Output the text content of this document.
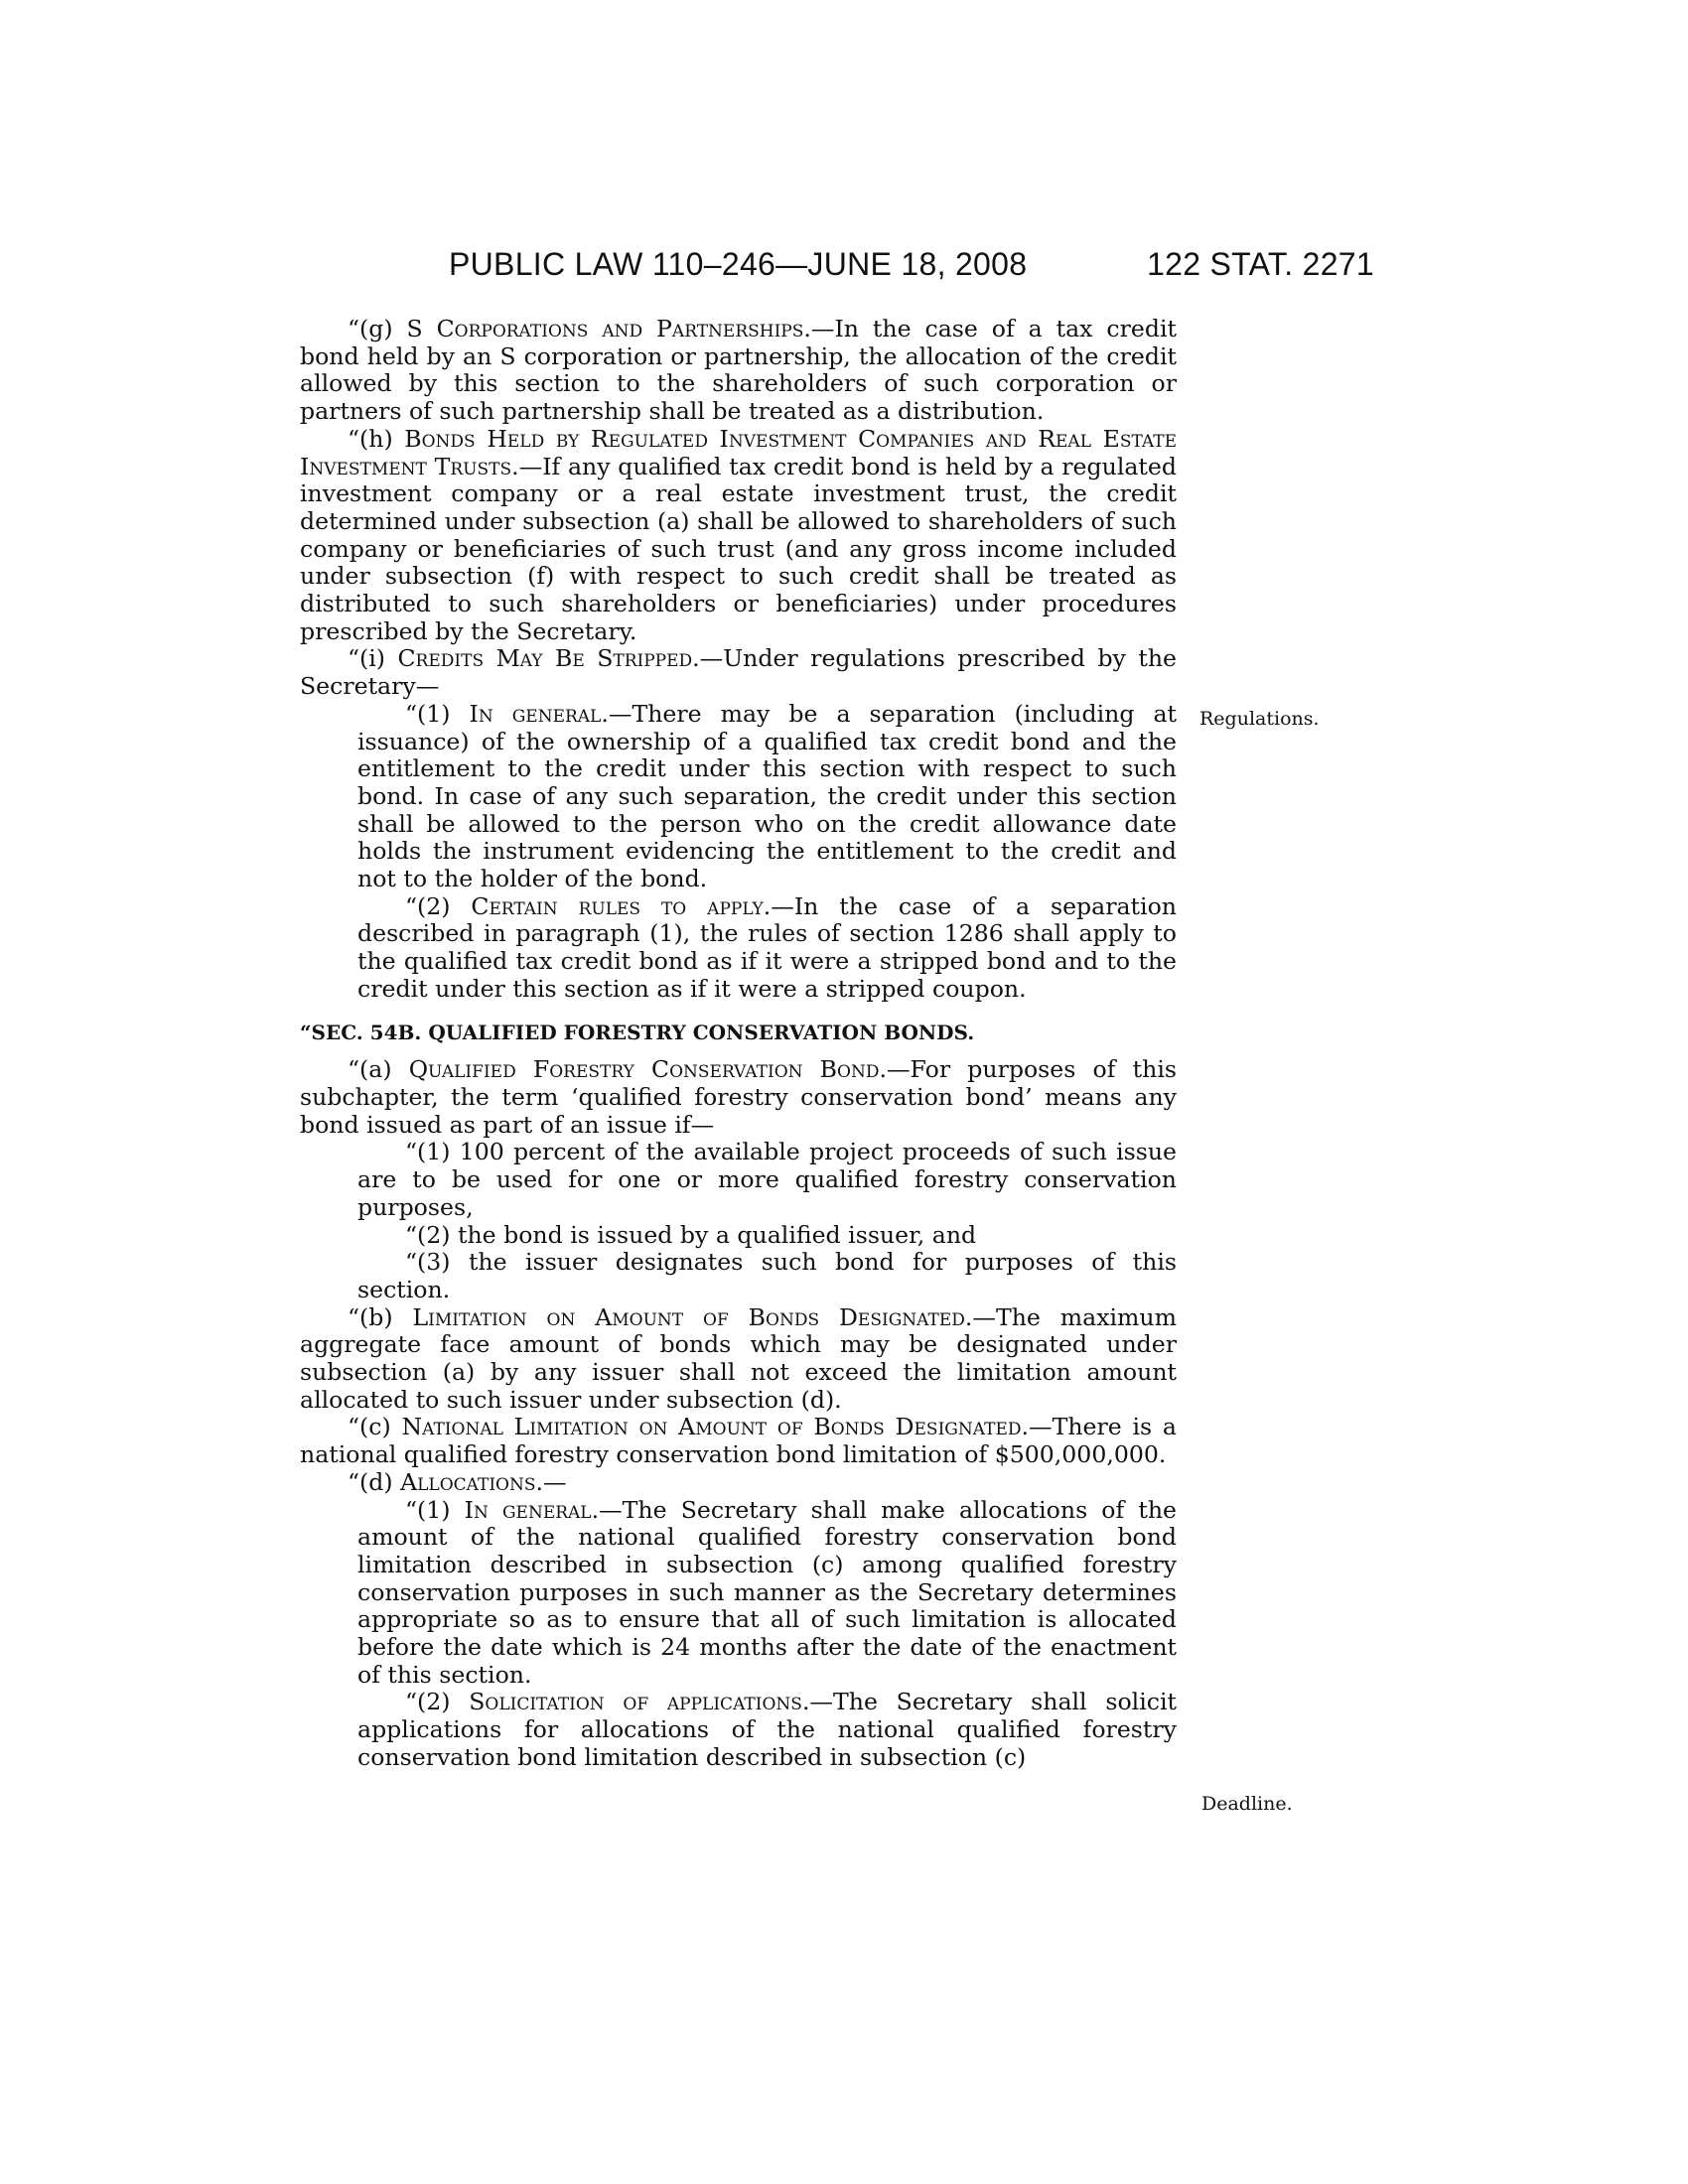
PUBLIC LAW 110–246—JUNE 18, 2008	122 STAT. 2271
Regulations.
Deadline.

“(g) S Corporations and Partnerships.—In the case of a tax credit bond held by an S corporation or partnership, the allocation of the credit allowed by this section to the shareholders of such corporation or partners of such partnership shall be treated as a distribution.

“(h) Bonds Held by Regulated Investment Companies and Real Estate Investment Trusts.—If any qualified tax credit bond is held by a regulated investment company or a real estate investment trust, the credit determined under subsection (a) shall be allowed to shareholders of such company or beneficiaries of such trust (and any gross income included under subsection (f) with respect to such credit shall be treated as distributed to such shareholders or beneficiaries) under procedures prescribed by the Secretary.

“(i) Credits May Be Stripped.—Under regulations prescribed by the Secretary—

“(1) In general.—There may be a separation (including at issuance) of the ownership of a qualified tax credit bond and the entitlement to the credit under this section with respect to such bond. In case of any such separation, the credit under this section shall be allowed to the person who on the credit allowance date holds the instrument evidencing the entitlement to the credit and not to the holder of the bond.

“(2) Certain rules to apply.—In the case of a separation described in paragraph (1), the rules of section 1286 shall apply to the qualified tax credit bond as if it were a stripped bond and to the credit under this section as if it were a stripped coupon.

“SEC. 54B. QUALIFIED FORESTRY CONSERVATION BONDS.

“(a) Qualified Forestry Conservation Bond.—For purposes of this subchapter, the term ‘qualified forestry conservation bond’ means any bond issued as part of an issue if—

“(1) 100 percent of the available project proceeds of such issue are to be used for one or more qualified forestry conservation purposes,

“(2) the bond is issued by a qualified issuer, and

“(3) the issuer designates such bond for purposes of this section.

“(b) Limitation on Amount of Bonds Designated.—The maximum aggregate face amount of bonds which may be designated under subsection (a) by any issuer shall not exceed the limitation amount allocated to such issuer under subsection (d).

“(c) National Limitation on Amount of Bonds Designated.—There is a national qualified forestry conservation bond limitation of $500,000,000.

“(d) Allocations.—

“(1) In general.—The Secretary shall make allocations of the amount of the national qualified forestry conservation bond limitation described in subsection (c) among qualified forestry conservation purposes in such manner as the Secretary determines appropriate so as to ensure that all of such limitation is allocated before the date which is 24 months after the date of the enactment of this section.

“(2) Solicitation of applications.—The Secretary shall solicit applications for allocations of the national qualified forestry conservation bond limitation described in subsection (c)
